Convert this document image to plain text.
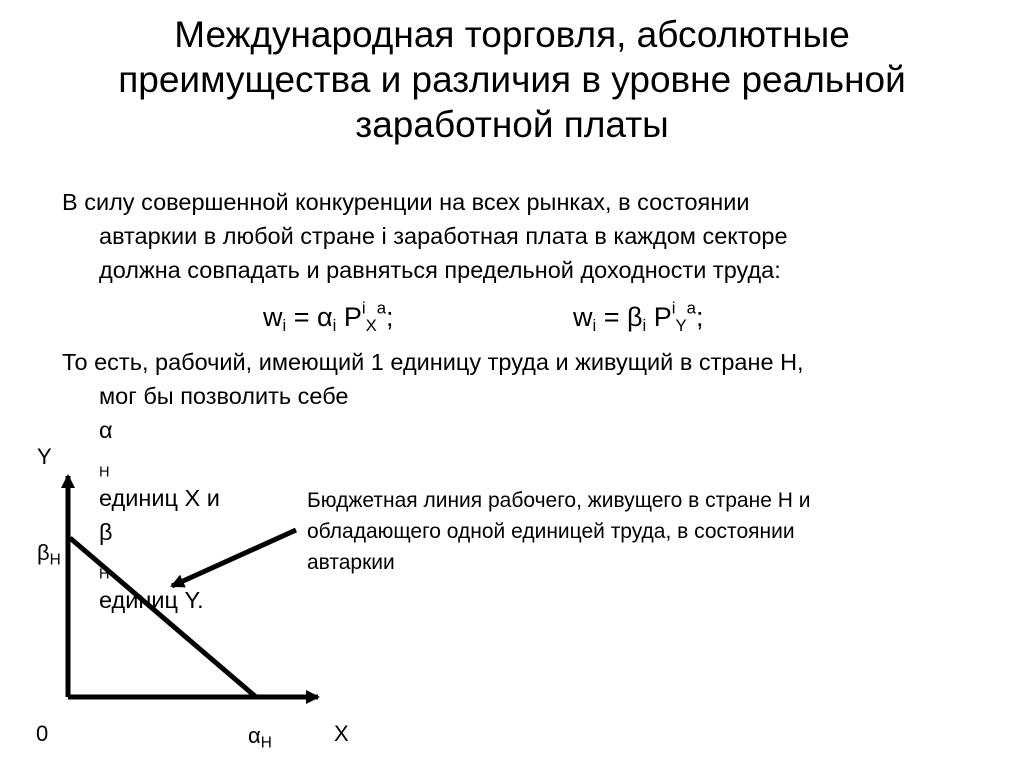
Международная торговля, абсолютные
преимущества и различия в уровне реальной
заработной платы
В силу совершенной конкуренции на всех рынках, в состоянии
автаркии в любой стране i заработная плата в каждом секторе
должна совпадать и равняться предельной доходности труда:
$w_i = \alpha_i$ $P^i_X^a$;	$w_i = \beta_i$ $P^i_Y^a$;
То есть, рабочий, имеющий 1 единицу труда и живущий в стране H,
мог бы позволить себе
α
$_H$
единиц X и
β
$_H$
единиц Y.
Y
X
0
$\beta_H$
$\alpha_H$
Бюджетная линия рабочего, живущего в стране H и
обладающего одной единицей труда, в состоянии
автаркии
